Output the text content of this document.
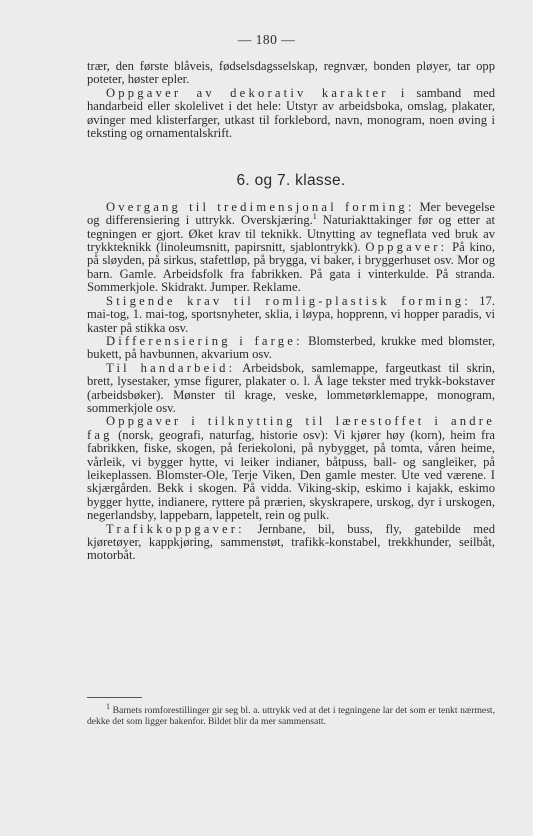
— 180 —

trær, den første blåveis, fødselsdagsselskap, regnvær, bonden pløyer, tar opp poteter, høster epler.

Oppgaver av dekorativ karakter i samband med handarbeid eller skolelivet i det hele: Utstyr av arbeidsboka, omslag, plakater, øvinger med klisterfarger, utkast til forklebord, navn, monogram, noen øving i teksting og ornamentalskrift.

6. og 7. klasse.

Overgang til tredimensjonal forming: Mer bevegelse og differensiering i uttrykk. Overskjæring.$^1$ Naturiakttakinger før og etter at tegningen er gjort. Øket krav til teknikk. Utnytting av tegneflata ved bruk av trykkteknikk (linoleumsnitt, papirsnitt, sjablontrykk). Oppgaver: På kino, på sløyden, på sirkus, stafettløp, på brygga, vi baker, i bryggerhuset osv. Mor og barn. Gamle. Arbeidsfolk fra fabrikken. På gata i vinterkulde. På stranda. Sommerkjole. Skidrakt. Jumper. Reklame.

Stigende krav til romlig-plastisk forming: 17. mai-tog, 1. mai-tog, sportsnyheter, sklia, i løypa, hopprenn, vi hopper paradis, vi kaster på stikka osv.

Differensiering i farge: Blomsterbed, krukke med blomster, bukett, på havbunnen, akvarium osv.

Til handarbeid: Arbeidsbok, samlemappe, fargeutkast til skrin, brett, lysestaker, ymse figurer, plakater o. l. Å lage tekster med trykk-bokstaver (arbeidsbøker). Mønster til krage, veske, lommetørklemappe, monogram, sommerkjole osv.

Oppgaver i tilknytting til lærestoffet i andre fag (norsk, geografi, naturfag, historie osv): Vi kjører høy (korn), heim fra fabrikken, fiske, skogen, på feriekoloni, på nybygget, på tomta, våren heime, vårleik, vi bygger hytte, vi leiker indianer, båtpuss, ball- og sangleiker, på leikeplassen. Blomster-Ole, Terje Viken, Den gamle mester. Ute ved værene. I skjærgården. Bekk i skogen. På vidda. Viking-skip, eskimo i kajakk, eskimo bygger hytte, indianere, ryttere på prærien, skyskrapere, urskog, dyr i urskogen, negerlandsby, lappebarn, lappetelt, rein og pulk.

Trafikkoppgaver: Jernbane, bil, buss, fly, gatebilde med kjøretøyer, kappkjøring, sammenstøt, trafikk-konstabel, trekkhunder, seilbåt, motorbåt.

$^1$ Barnets romforestillinger gir seg bl. a. uttrykk ved at det i tegningene lar det som er tenkt nærmest, dekke det som ligger bakenfor. Bildet blir da mer sammensatt.
